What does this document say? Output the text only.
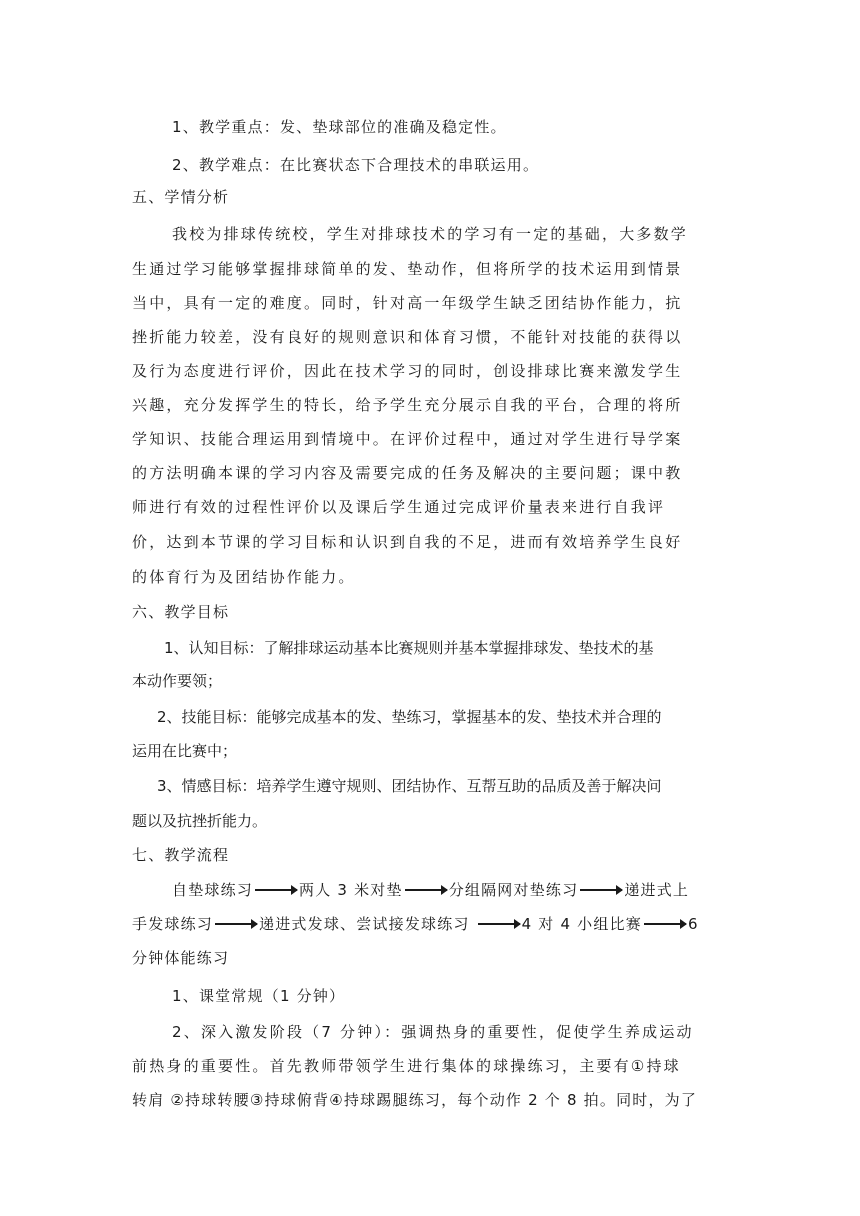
1、教学重点：发、垫球部位的准确及稳定性。
2、教学难点：在比赛状态下合理技术的串联运用。
五、学情分析
我校为排球传统校，学生对排球技术的学习有一定的基础，大多数学
生通过学习能够掌握排球简单的发、垫动作，但将所学的技术运用到情景
当中，具有一定的难度。同时，针对高一年级学生缺乏团结协作能力，抗
挫折能力较差，没有良好的规则意识和体育习惯，不能针对技能的获得以
及行为态度进行评价，因此在技术学习的同时，创设排球比赛来激发学生
兴趣，充分发挥学生的特长，给予学生充分展示自我的平台，合理的将所
学知识、技能合理运用到情境中。在评价过程中，通过对学生进行导学案
的方法明确本课的学习内容及需要完成的任务及解决的主要问题；课中教
师进行有效的过程性评价以及课后学生通过完成评价量表来进行自我评
价，达到本节课的学习目标和认识到自我的不足，进而有效培养学生良好
的体育行为及团结协作能力。
六、教学目标
1、认知目标：了解排球运动基本比赛规则并基本掌握排球发、垫技术的基
本动作要领；
2、技能目标：能够完成基本的发、垫练习，掌握基本的发、垫技术并合理的
运用在比赛中；
3、情感目标：培养学生遵守规则、团结协作、互帮互助的品质及善于解决问
题以及抗挫折能力。
七、教学流程
自垫球练习	两人 3 米对垫	分组隔网对垫练习	递进式上
手发球练习	递进式发球、尝试接发球练习	4 对 4 小组比赛	6
分钟体能练习
1、课堂常规（1 分钟）
2、深入激发阶段（7 分钟）：强调热身的重要性，促使学生养成运动
前热身的重要性。首先教师带领学生进行集体的球操练习，主要有①持球
转肩 ②持球转腰③持球俯背④持球踢腿练习，每个动作 2 个 8 拍。同时，为了
